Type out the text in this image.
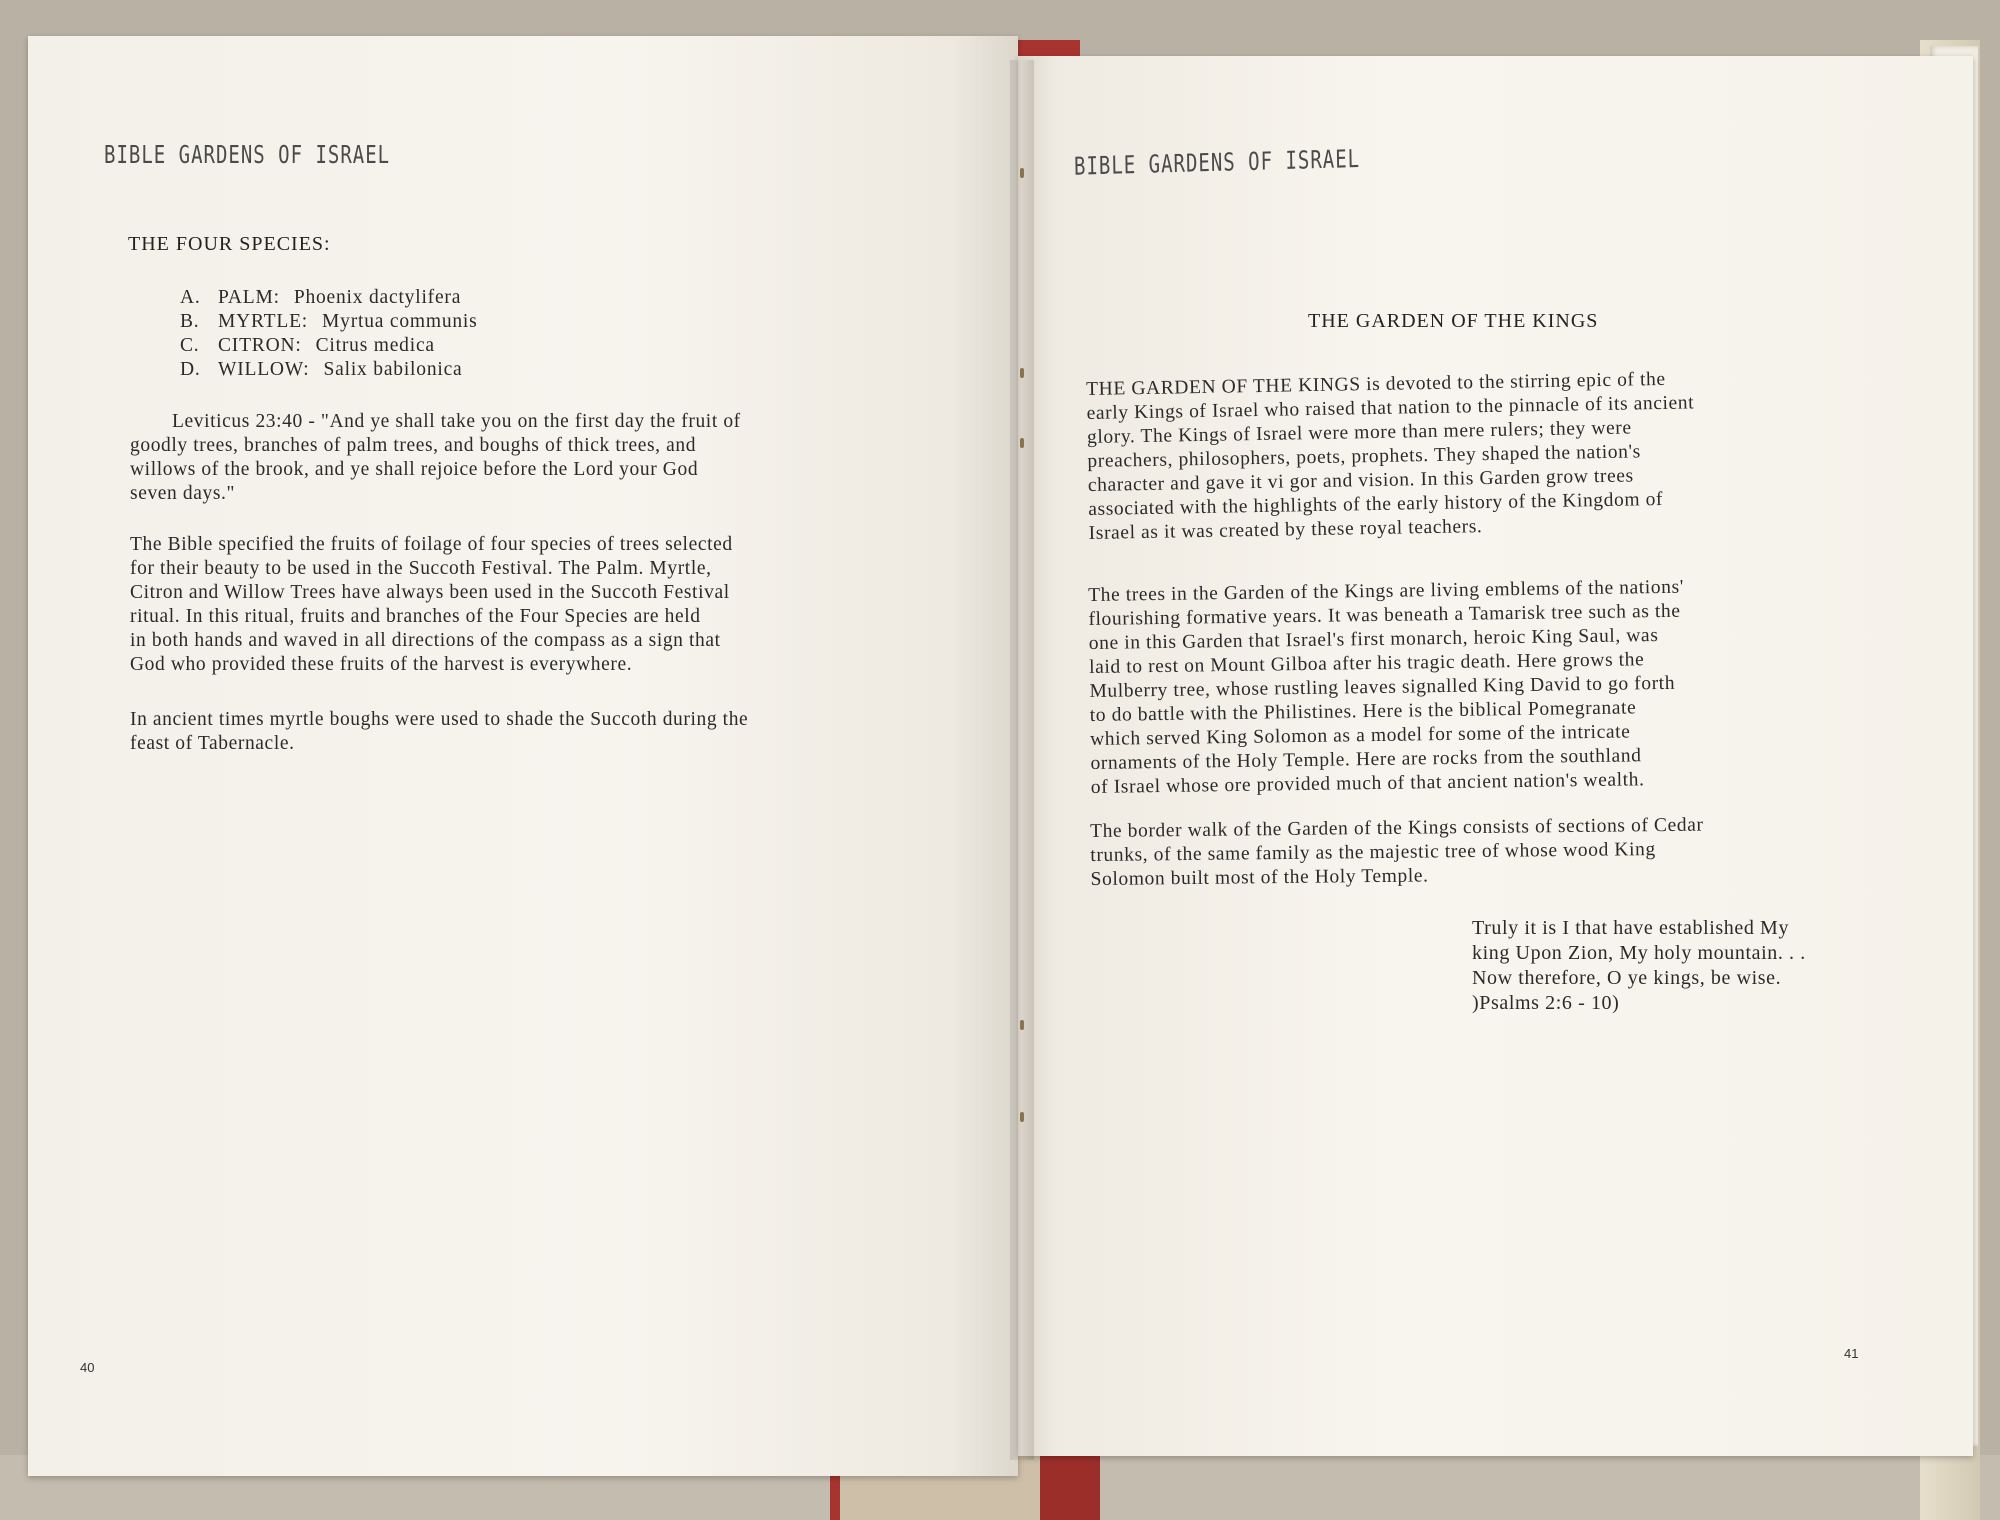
BIBLE GARDENS OF ISRAEL
THE FOUR SPECIES:
A. PALM: Phoenix dactylifera
B. MYRTLE: Myrtua communis
C. CITRON: Citrus medica
D. WILLOW: Salix babilonica
Leviticus 23:40 - "And ye shall take you on the first day the fruit of
goodly trees, branches of palm trees, and boughs of thick trees, and
willows of the brook, and ye shall rejoice before the Lord your God
seven days."
The Bible specified the fruits of foilage of four species of trees selected
for their beauty to be used in the Succoth Festival. The Palm. Myrtle,
Citron and Willow Trees have always been used in the Succoth Festival
ritual. In this ritual, fruits and branches of the Four Species are held
in both hands and waved in all directions of the compass as a sign that
God who provided these fruits of the harvest is everywhere.
In ancient times myrtle boughs were used to shade the Succoth during the
feast of Tabernacle.
40
BIBLE GARDENS OF ISRAEL
THE GARDEN OF THE KINGS
THE GARDEN OF THE KINGS is devoted to the stirring epic of the
early Kings of Israel who raised that nation to the pinnacle of its ancient
glory. The Kings of Israel were more than mere rulers; they were
preachers, philosophers, poets, prophets. They shaped the nation's
character and gave it vi gor and vision. In this Garden grow trees
associated with the highlights of the early history of the Kingdom of
Israel as it was created by these royal teachers.
The trees in the Garden of the Kings are living emblems of the nations'
flourishing formative years. It was beneath a Tamarisk tree such as the
one in this Garden that Israel's first monarch, heroic King Saul, was
laid to rest on Mount Gilboa after his tragic death. Here grows the
Mulberry tree, whose rustling leaves signalled King David to go forth
to do battle with the Philistines. Here is the biblical Pomegranate
which served King Solomon as a model for some of the intricate
ornaments of the Holy Temple. Here are rocks from the southland
of Israel whose ore provided much of that ancient nation's wealth.
The border walk of the Garden of the Kings consists of sections of Cedar
trunks, of the same family as the majestic tree of whose wood King
Solomon built most of the Holy Temple.
Truly it is I that have established My
king Upon Zion, My holy mountain. . .
Now therefore, O ye kings, be wise.
)Psalms 2:6 - 10)
41
